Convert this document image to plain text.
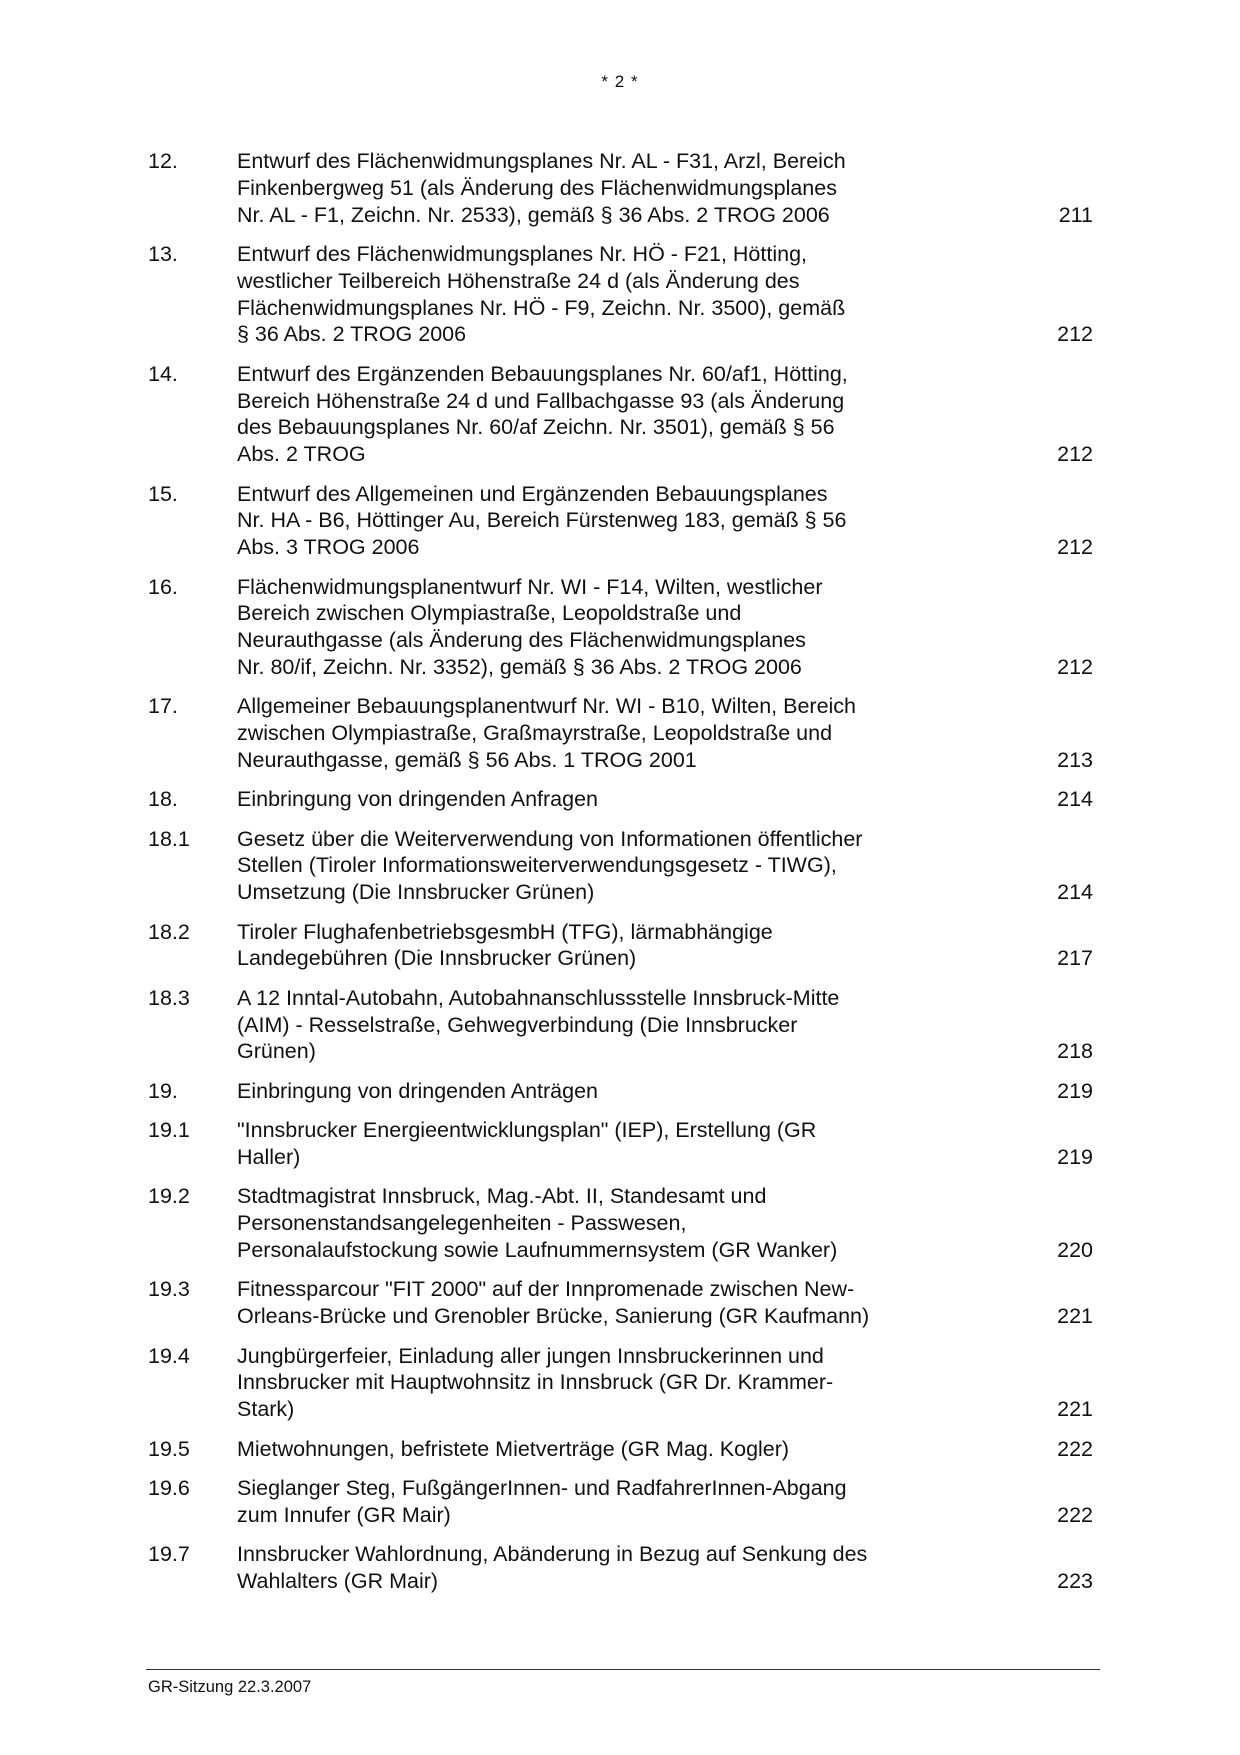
* 2 *
12.	Entwurf des Flächenwidmungsplanes Nr. AL - F31, Arzl, Bereich
Finkenbergweg 51 (als Änderung des Flächenwidmungsplanes
Nr. AL - F1, Zeichn. Nr. 2533), gemäß § 36 Abs. 2 TROG 2006	211
13.	Entwurf des Flächenwidmungsplanes Nr. HÖ - F21, Hötting,
westlicher Teilbereich Höhenstraße 24 d (als Änderung des
Flächenwidmungsplanes Nr. HÖ - F9, Zeichn. Nr. 3500), gemäß
§ 36 Abs. 2 TROG 2006	212
14.	Entwurf des Ergänzenden Bebauungsplanes Nr. 60/af1, Hötting,
Bereich Höhenstraße 24 d und Fallbachgasse 93 (als Änderung
des Bebauungsplanes Nr. 60/af Zeichn. Nr. 3501), gemäß § 56
Abs. 2 TROG	212
15.	Entwurf des Allgemeinen und Ergänzenden Bebauungsplanes
Nr. HA - B6, Höttinger Au, Bereich Fürstenweg 183, gemäß § 56
Abs. 3 TROG 2006	212
16.	Flächenwidmungsplanentwurf Nr. WI - F14, Wilten, westlicher
Bereich zwischen Olympiastraße, Leopoldstraße und
Neurauthgasse (als Änderung des Flächenwidmungsplanes
Nr. 80/if, Zeichn. Nr. 3352), gemäß § 36 Abs. 2 TROG 2006	212
17.	Allgemeiner Bebauungsplanentwurf Nr. WI - B10, Wilten, Bereich
zwischen Olympiastraße, Graßmayrstraße, Leopoldstraße und
Neurauthgasse, gemäß § 56 Abs. 1 TROG 2001	213
18.	Einbringung von dringenden Anfragen	214
18.1	Gesetz über die Weiterverwendung von Informationen öffentlicher
Stellen (Tiroler Informationsweiterverwendungsgesetz - TIWG),
Umsetzung (Die Innsbrucker Grünen)	214
18.2	Tiroler FlughafenbetriebsgesmbH (TFG), lärmabhängige
Landegebühren (Die Innsbrucker Grünen)	217
18.3	A 12 Inntal-Autobahn, Autobahnanschlussstelle Innsbruck-Mitte
(AIM) - Resselstraße, Gehwegverbindung (Die Innsbrucker
Grünen)	218
19.	Einbringung von dringenden Anträgen	219
19.1	"Innsbrucker Energieentwicklungsplan" (IEP), Erstellung (GR
Haller)	219
19.2	Stadtmagistrat Innsbruck, Mag.-Abt. II, Standesamt und
Personenstandsangelegenheiten - Passwesen,
Personalaufstockung sowie Laufnummernsystem (GR Wanker)	220
19.3	Fitnessparcour "FIT 2000" auf der Innpromenade zwischen New-
Orleans-Brücke und Grenobler Brücke, Sanierung (GR Kaufmann)	221
19.4	Jungbürgerfeier, Einladung aller jungen Innsbruckerinnen und
Innsbrucker mit Hauptwohnsitz in Innsbruck (GR Dr. Krammer-
Stark)	221
19.5	Mietwohnungen, befristete Mietverträge (GR Mag. Kogler)	222
19.6	Sieglanger Steg, FußgängerInnen- und RadfahrerInnen-Abgang
zum Innufer (GR Mair)	222
19.7	Innsbrucker Wahlordnung, Abänderung in Bezug auf Senkung des
Wahlalters (GR Mair)	223
GR-Sitzung 22.3.2007
